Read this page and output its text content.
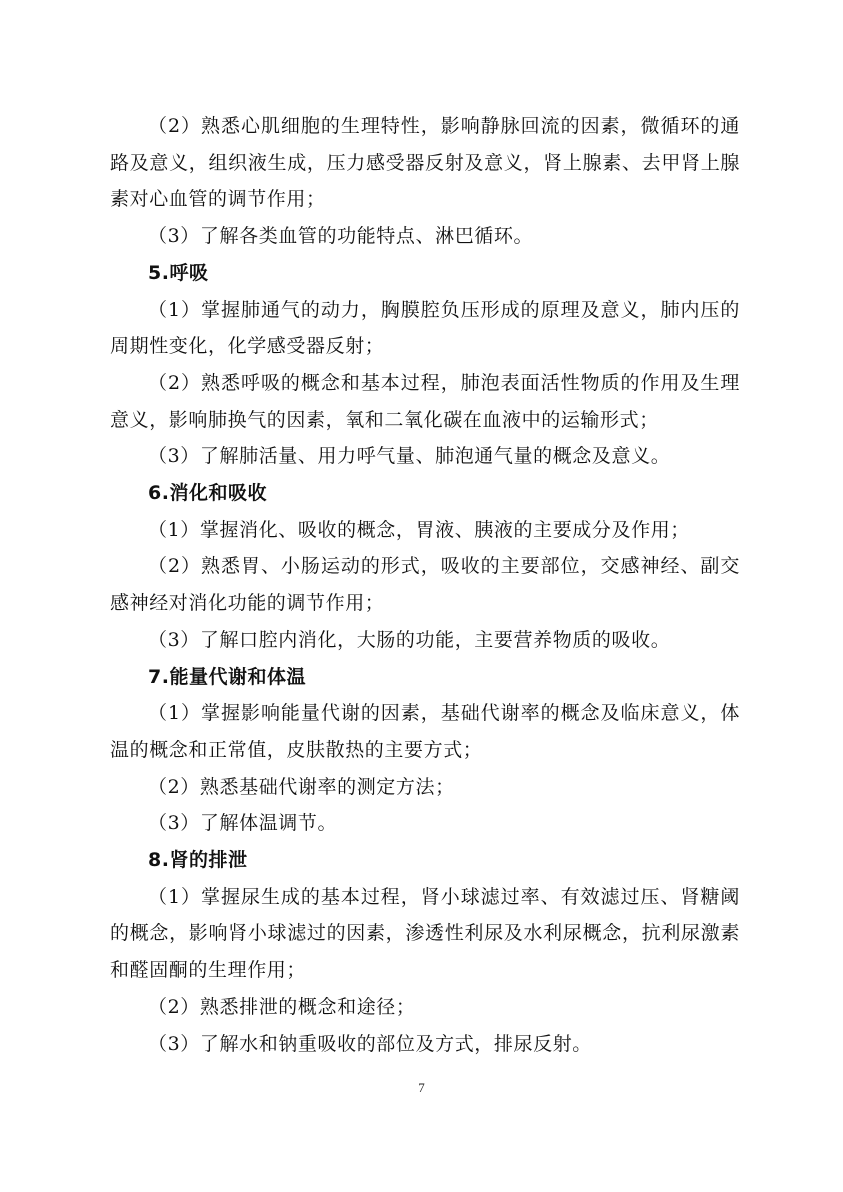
（2）熟悉心肌细胞的生理特性，影响静脉回流的因素，微循环的通路及意义，组织液生成，压力感受器反射及意义，肾上腺素、去甲肾上腺素对心血管的调节作用；

（3）了解各类血管的功能特点、淋巴循环。

5.呼吸

（1）掌握肺通气的动力，胸膜腔负压形成的原理及意义，肺内压的周期性变化，化学感受器反射；

（2）熟悉呼吸的概念和基本过程，肺泡表面活性物质的作用及生理意义，影响肺换气的因素，氧和二氧化碳在血液中的运输形式；

（3）了解肺活量、用力呼气量、肺泡通气量的概念及意义。

6.消化和吸收

（1）掌握消化、吸收的概念，胃液、胰液的主要成分及作用；

（2）熟悉胃、小肠运动的形式，吸收的主要部位，交感神经、副交感神经对消化功能的调节作用；

（3）了解口腔内消化，大肠的功能，主要营养物质的吸收。

7.能量代谢和体温

（1）掌握影响能量代谢的因素，基础代谢率的概念及临床意义，体温的概念和正常值，皮肤散热的主要方式；

（2）熟悉基础代谢率的测定方法；

（3）了解体温调节。

8.肾的排泄

（1）掌握尿生成的基本过程，肾小球滤过率、有效滤过压、肾糖阈的概念，影响肾小球滤过的因素，渗透性利尿及水利尿概念，抗利尿激素和醛固酮的生理作用；

（2）熟悉排泄的概念和途径；

（3）了解水和钠重吸收的部位及方式，排尿反射。

7
